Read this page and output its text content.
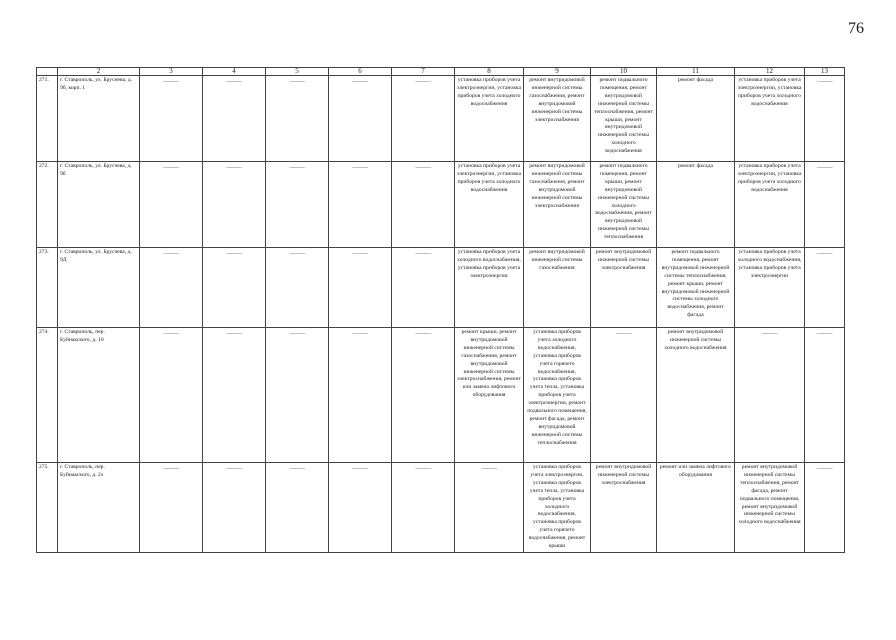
76
	2	3	4	5	6	7	8	9	10	11	12	13
271.	г. Ставрополь, ул. Бруснева, д. 9б, корп. 1	———	———	———	———	———	установка приборов учета электроэнергии, установка приборов учета холодного водоснабжения	ремонт внутридомовой инженерной системы газоснабжения, ремонт внутридомовой инженерной системы электроснабжения	ремонт подвального помещения, ремонт внутридомовой инженерной системы теплоснабжения, ремонт крыши, ремонт внутридомовой инженерной системы холодного водоснабжения	ремонт фасада	установка приборов учета электроэнергии, установка приборов учета холодного водоснабжения	———

272.	г. Ставрополь, ул. Брусчева, д. 9б	———	———	———	———	———	установка приборов учета электроэнергии, установка приборов учета холодного водоснабжения	ремонт внутридомовой инженерной системы газоснабжения, ремонт внутридомовой инженерной системы электроснабжения	ремонт подвального помещения, ремонт крыши, ремонт внутридомовой инженерной системы холодного водоснабжения, ремонт внутридомовой инженерной системы теплоснабжения	ремонт фасада	установка приборов учета электроэнергии, установка приборов учета холодного водоснабжения	———

273.	г. Ставрополь, ул. Брусчева, д. 9Д	———	———	———	———	———	установка приборов учета холодного водоснабжения, установка приборов учета электроэнергии	ремонт внутридомовой инженерной системы газоснабжения	ремонт внутридомовой инженерной системы электроснабжения	ремонт подвального помещения, ремонт внутридомовой инженерной системы теплоснабжения, ремонт крыши, ремонт внутридомовой инженерной системы холодного водоснабжения, ремонт фасада	установка приборов учета холодного водоснабжения, установка приборов учета электроэнергии	———

274.	г. Ставрополь, пер. Буйнакского, д. 10	———	———	———	———	———	ремонт крыши, ремонт внутридомовой инженерной системы газоснабжения, ремонт внутридомовой инженерной системы электроснабжения, ремонт или замена лифтового оборудования	установка приборов учета холодного водоснабжения, установка приборов учета горячего водоснабжения, установка приборов учета тепла, установка приборов учета электроэнергии, ремонт подвального помещения, ремонт фасада, ремонт внутридомовой инженерной системы теплоснабжения	———	ремонт внутридомовой инженерной системы холодного водоснабжения	———	———

275.	г. Ставрополь, пер. Буйнакского, д. 2з	———	———	———	———	———	———	установка приборов учета электроэнергии, установка приборов учета тепла, установка приборов учета холодного водоснабжения, установка приборов учета горячего водоснабжения, ремонт крыши	ремонт внутридомовой инженерной системы электроснабжения	ремонт или замена лифтового оборудования	ремонт внутридомовой инженерной системы теплоснабжения, ремонт фасада, ремонт подвального помещения, ремонт внутридомовой инженерной системы холодного водоснабжения	———
